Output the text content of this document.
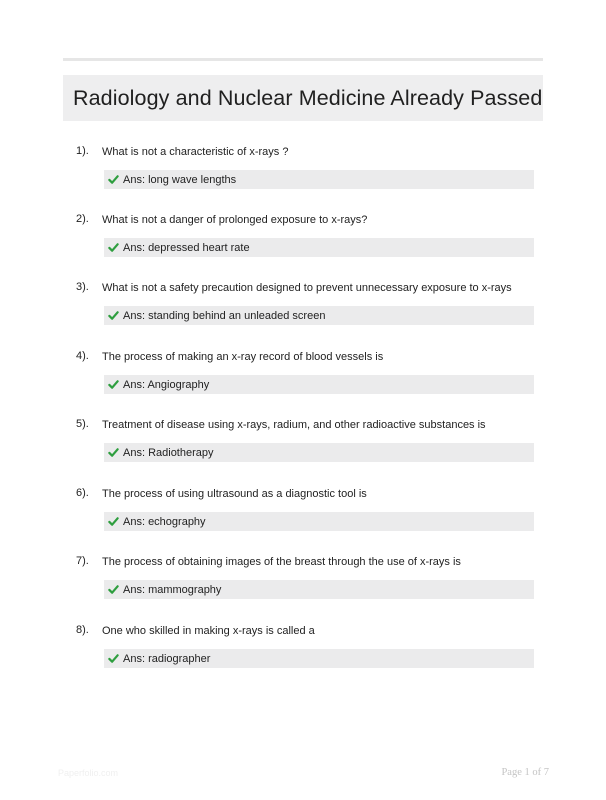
Radiology and Nuclear Medicine Already Passed
1). What is not a characteristic of x-rays ?
Ans: long wave lengths
2). What is not a danger of prolonged exposure to x-rays?
Ans: depressed heart rate
3). What is not a safety precaution designed to prevent unnecessary exposure to x-rays
Ans: standing behind an unleaded screen
4). The process of making an x-ray record of blood vessels is
Ans: Angiography
5). Treatment of disease using x-rays, radium, and other radioactive substances is
Ans: Radiotherapy
6). The process of using ultrasound as a diagnostic tool is
Ans: echography
7). The process of obtaining images of the breast through the use of x-rays is
Ans: mammography
8). One who skilled in making x-rays is called a
Ans: radiographer
Paperfolio.com	Page 1 of 7
